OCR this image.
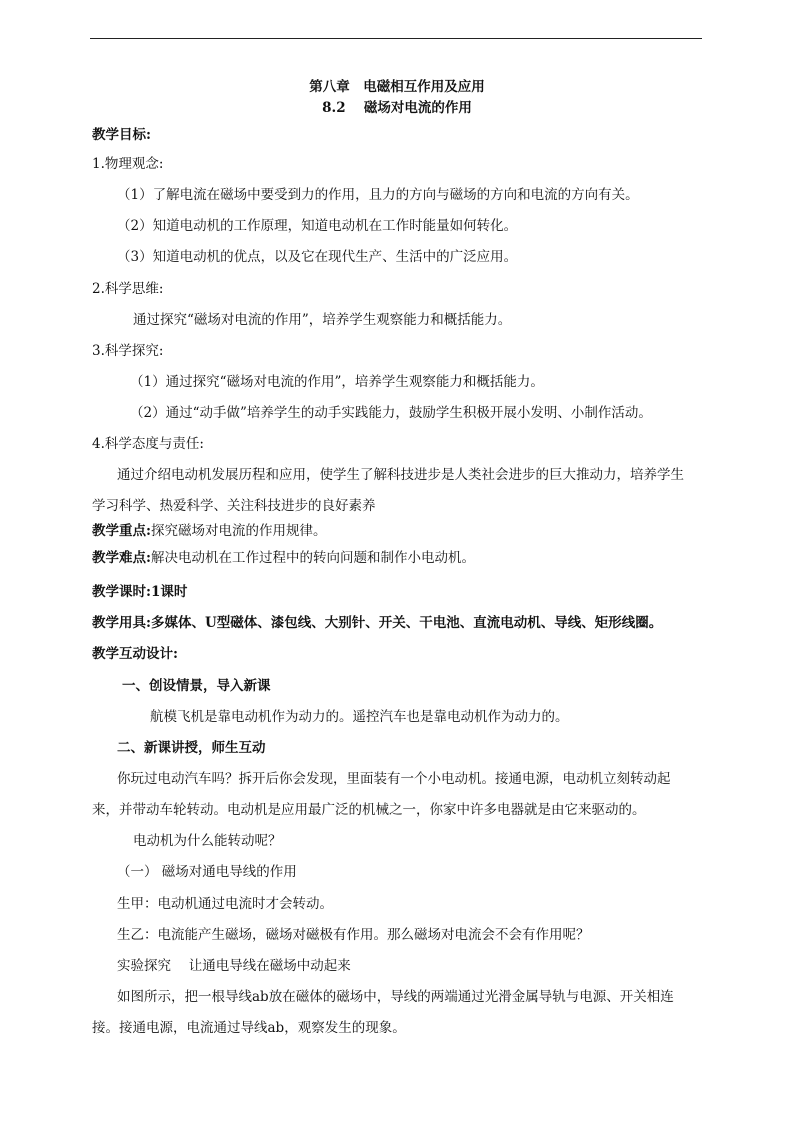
第八章　电磁相互作用及应用
8.2　 磁场对电流的作用
教学目标:
1.物理观念:
（1）了解电流在磁场中要受到力的作用，且力的方向与磁场的方向和电流的方向有关。
（2）知道电动机的工作原理，知道电动机在工作时能量如何转化。
（3）知道电动机的优点，以及它在现代生产、生活中的广泛应用。
2.科学思维:
通过探究“磁场对电流的作用”，培养学生观察能力和概括能力。
3.科学探究:
（1）通过探究“磁场对电流的作用”，培养学生观察能力和概括能力。
（2）通过“动手做”培养学生的动手实践能力，鼓励学生积极开展小发明、小制作活动。
4.科学态度与责任:
通过介绍电动机发展历程和应用，使学生了解科技进步是人类社会进步的巨大推动力，培养学生
学习科学、热爱科学、关注科技进步的良好素养
教学重点:探究磁场对电流的作用规律。
教学难点:解决电动机在工作过程中的转向问题和制作小电动机。
教学课时:1课时
教学用具:多媒体、U型磁体、漆包线、大别针、开关、干电池、直流电动机、导线、矩形线圈。
教学互动设计:
一、创设情景，导入新课
航模飞机是靠电动机作为动力的。遥控汽车也是靠电动机作为动力的。
二、新课讲授，师生互动
你玩过电动汽车吗？拆开后你会发现，里面装有一个小电动机。接通电源，电动机立刻转动起
来，并带动车轮转动。电动机是应用最广泛的机械之一，你家中许多电器就是由它来驱动的。
电动机为什么能转动呢？
（一） 磁场对通电导线的作用
生甲：电动机通过电流时才会转动。
生乙：电流能产生磁场，磁场对磁极有作用。那么磁场对电流会不会有作用呢？
实验探究　 让通电导线在磁场中动起来
如图所示，把一根导线ab放在磁体的磁场中，导线的两端通过光滑金属导轨与电源、开关相连
接。接通电源，电流通过导线ab，观察发生的现象。
